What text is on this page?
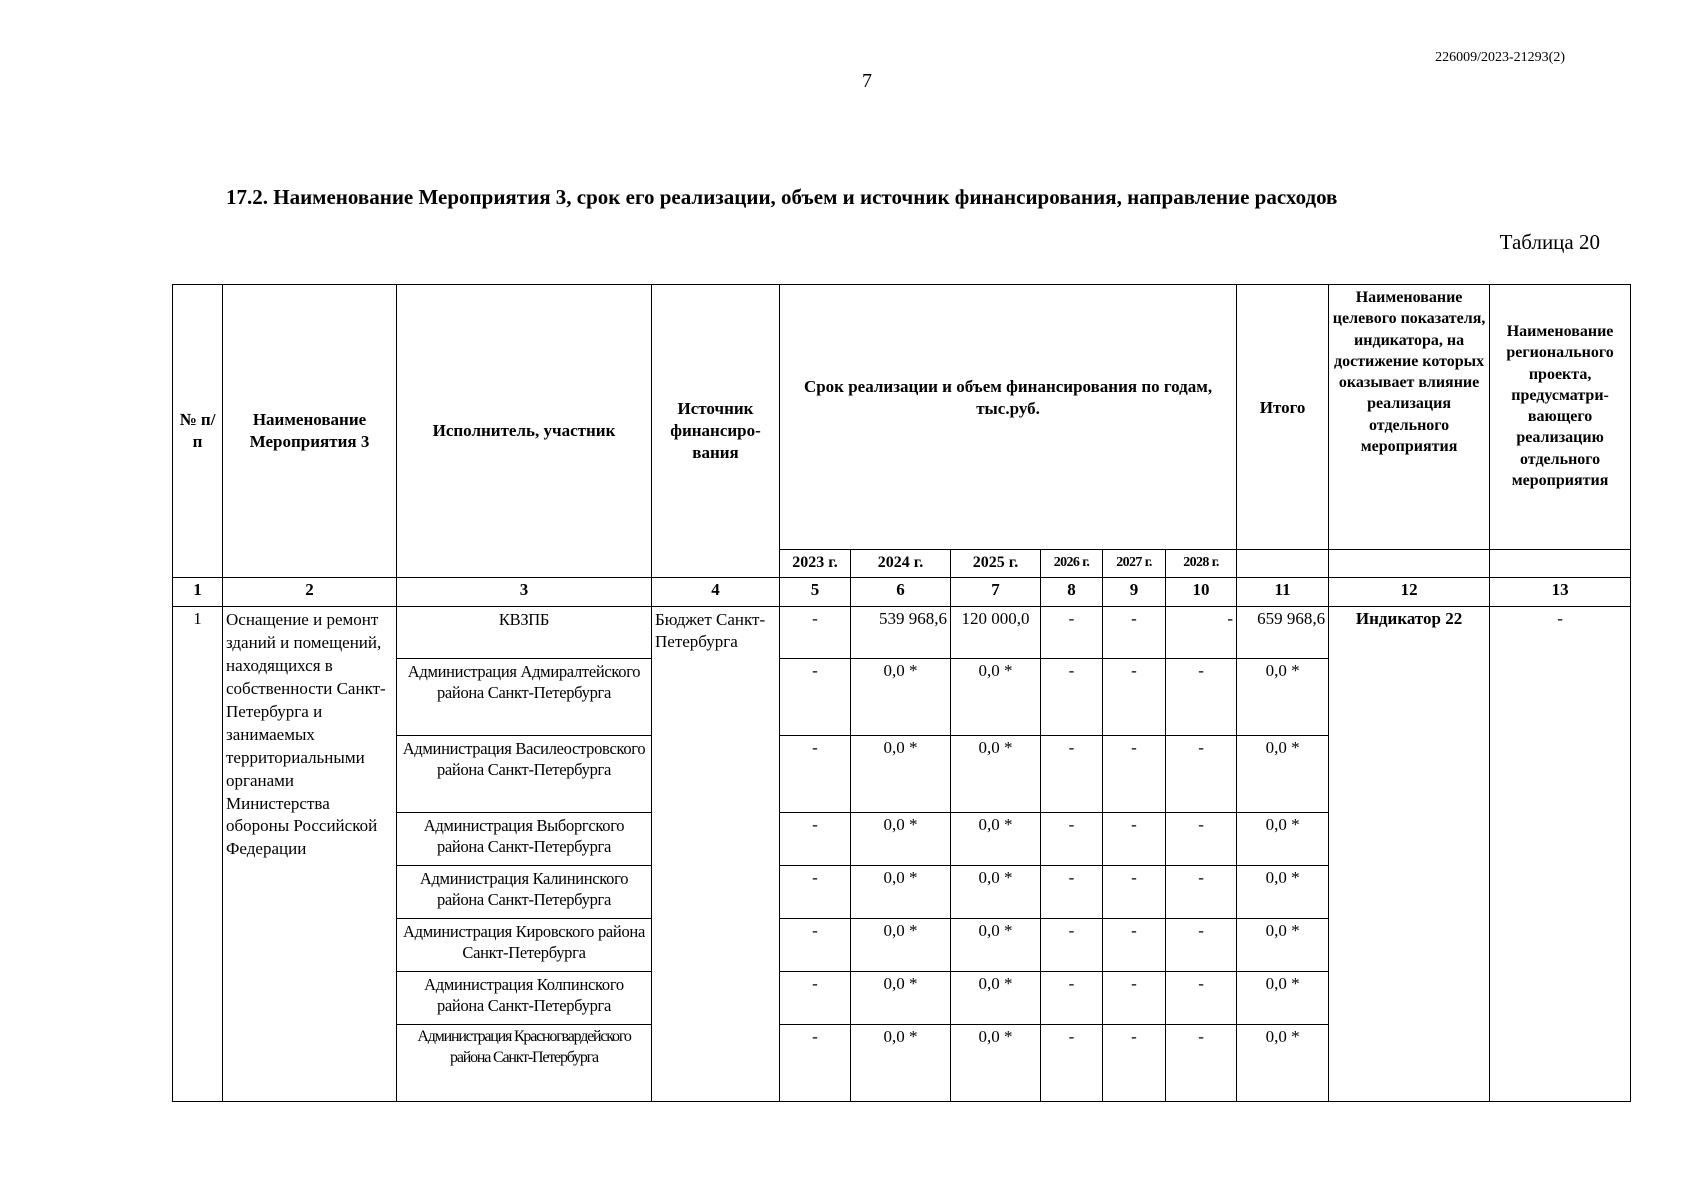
226009/2023-21293(2)
7
17.2. Наименование Мероприятия 3, срок его реализации, объем и источник финансирования, направление расходов
Таблица 20
№ п/п	Наименование Мероприятия 3	Исполнитель, участник	Источник финансиро-вания	Срок реализации и объем финансирования по годам, тыс.руб.						Итого	Наименование целевого показателя, индикатора, на достижение которых оказывает влияние реализация отдельного мероприятия	Наименование регионального проекта, предусматри-вающего реализацию отдельного мероприятия
				2023 г.	2024 г.	2025 г.	2026 г.	2027 г.	2028 г.			
1	2	3	4	5	6	7	8	9	10	11	12	13
1	Оснащение и ремонт зданий и помещений, находящихся в собственности Санкт-Петербурга и занимаемых территориальными органами Министерства обороны Российской Федерации	КВЗПБ	Бюджет Санкт-Петербурга	-	539 968,6	120 000,0	-	-	-	659 968,6	Индикатор 22	-
		Администрация Адмиралтейского района Санкт-Петербурга		-	0,0 *	0,0 *	-	-	-	0,0 *		
		Администрация Василеостровского района Санкт-Петербурга		-	0,0 *	0,0 *	-	-	-	0,0 *		
		Администрация Выборгского района Санкт-Петербурга		-	0,0 *	0,0 *	-	-	-	0,0 *		
		Администрация Калининского района Санкт-Петербурга		-	0,0 *	0,0 *	-	-	-	0,0 *		
		Администрация Кировского района Санкт-Петербурга		-	0,0 *	0,0 *	-	-	-	0,0 *		
		Администрация Колпинского района Санкт-Петербурга		-	0,0 *	0,0 *	-	-	-	0,0 *		
		Администрация Красногвардейского района Санкт-Петербурга		-	0,0 *	0,0 *	-	-	-	0,0 *		
